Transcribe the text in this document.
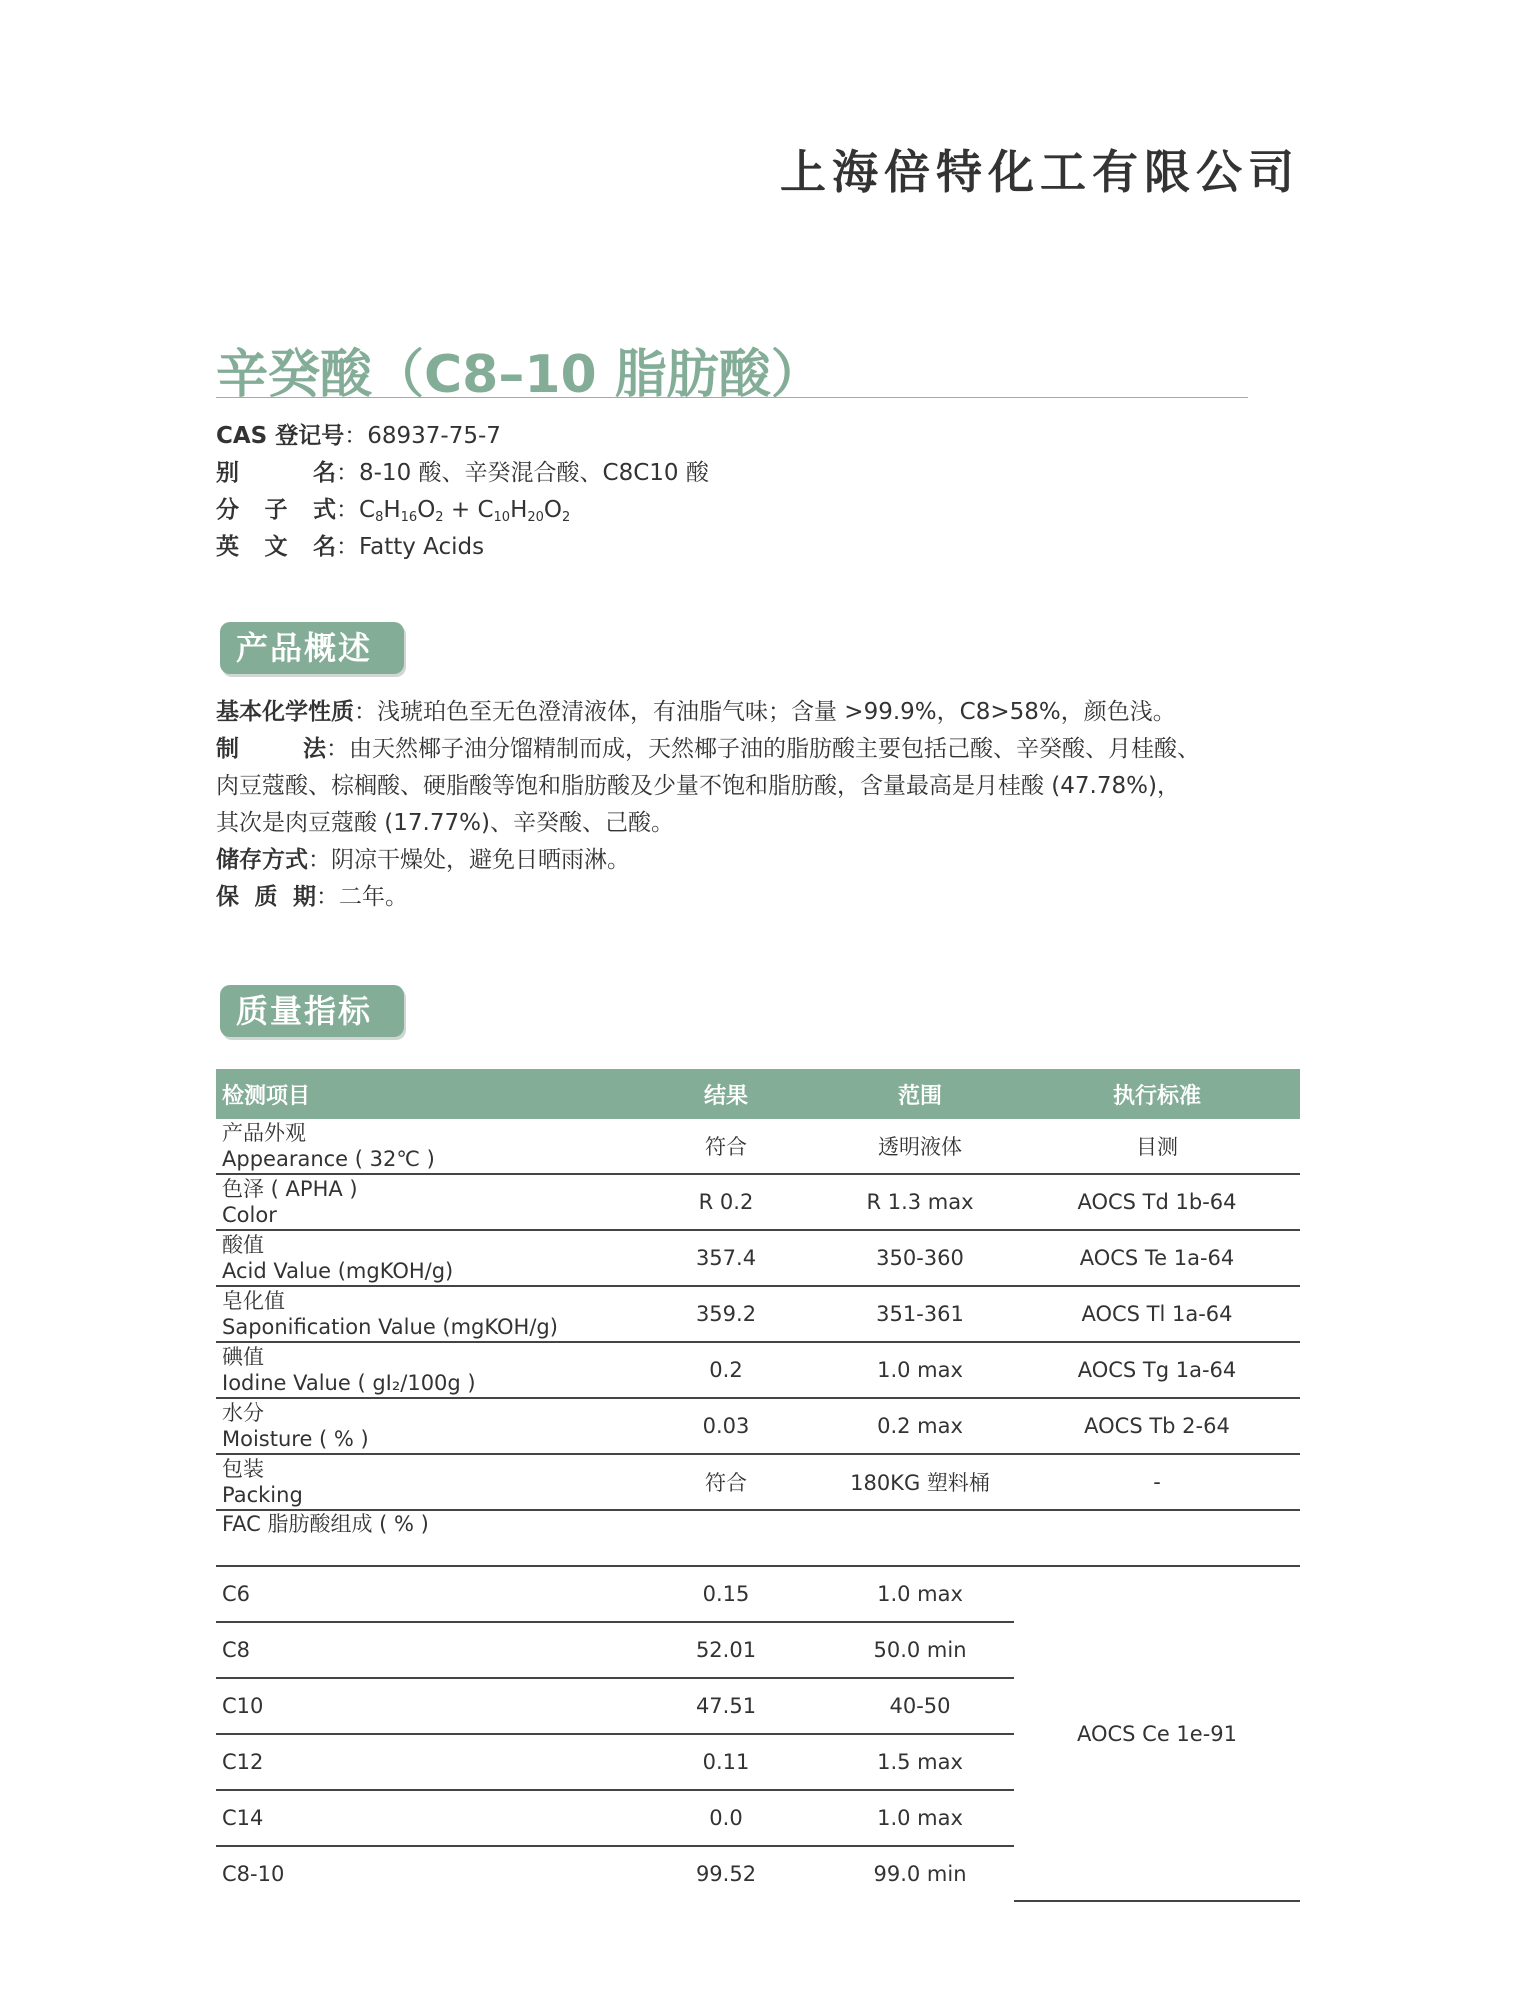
上海倍特化工有限公司
辛癸酸（C8–10 脂肪酸）
CAS 登记号：68937-75-7
别　　名：8-10 酸、辛癸混合酸、C8C10 酸
分 子 式：$C_8H_{16}O_2 + C_{10}H_{20}O_2$
英 文 名：Fatty Acids
产品概述

基本化学性质：浅琥珀色至无色澄清液体，有油脂气味；含量 >99.9%，C8>58%，颜色浅。

制　法：由天然椰子油分馏精制而成，天然椰子油的脂肪酸主要包括己酸、辛癸酸、月桂酸、

肉豆蔻酸、棕榈酸、硬脂酸等饱和脂肪酸及少量不饱和脂肪酸，含量最高是月桂酸 (47.78%)，

其次是肉豆蔻酸 (17.77%)、辛癸酸、己酸。

储存方式：阴凉干燥处，避免日晒雨淋。

保 质 期：二年。

质量指标
检测项目	结果	范围	执行标准

产品外观
Appearance ( 32℃ )	符合	透明液体	目测

色泽 ( APHA )
Color	R 0.2	R 1.3 max	AOCS Td 1b-64

酸值
Acid Value (mgKOH/g)	357.4	350-360	AOCS Te 1a-64

皂化值
Saponification Value (mgKOH/g)	359.2	351-361	AOCS Tl 1a-64

碘值
Iodine Value ( gI₂/100g )	0.2	1.0 max	AOCS Tg 1a-64

水分
Moisture ( % )	0.03	0.2 max	AOCS Tb 2-64

包装
Packing	符合	180KG 塑料桶	-
FAC 脂肪酸组成 ( % )			
C6	0.15	1.0 max	AOCS Ce 1e-91
C8	52.01	50.0 min	
C10	47.51	40-50	
C12	0.11	1.5 max	
C14	0.0	1.0 max	
C8-10	99.52	99.0 min	
